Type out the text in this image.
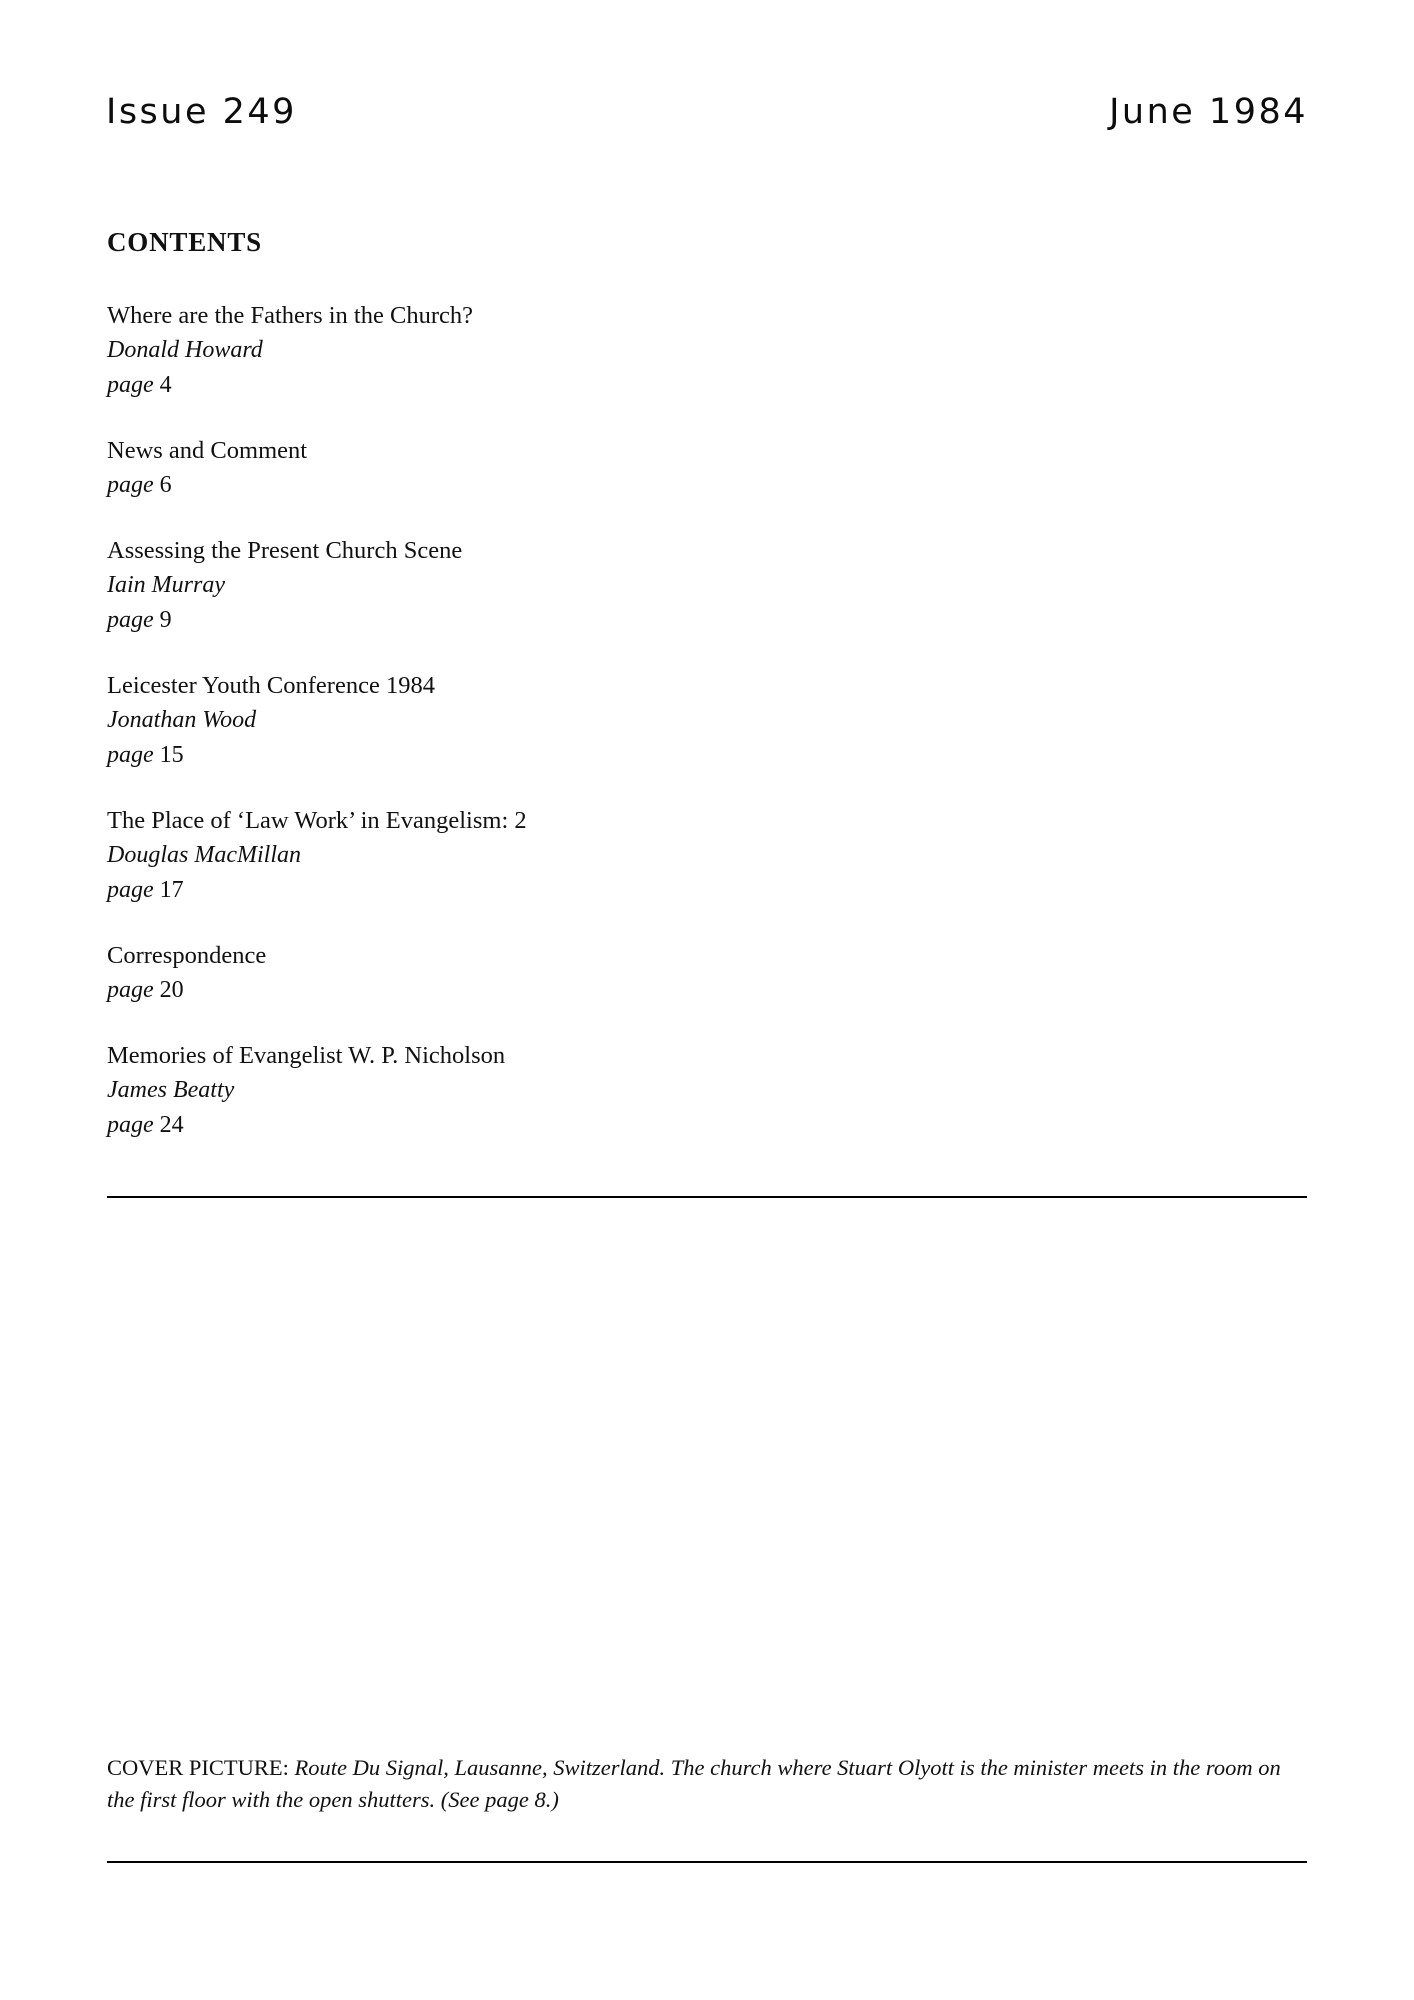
Issue 249	June 1984
CONTENTS
Where are the Fathers in the Church?
Donald Howard
page 4
News and Comment
page 6
Assessing the Present Church Scene
Iain Murray
page 9
Leicester Youth Conference 1984
Jonathan Wood
page 15
The Place of ‘Law Work’ in Evangelism: 2
Douglas MacMillan
page 17
Correspondence
page 20
Memories of Evangelist W. P. Nicholson
James Beatty
page 24
COVER PICTURE: Route Du Signal, Lausanne, Switzerland. The church where Stuart Olyott is the minister meets in the room on the first floor with the open shutters. (See page 8.)
